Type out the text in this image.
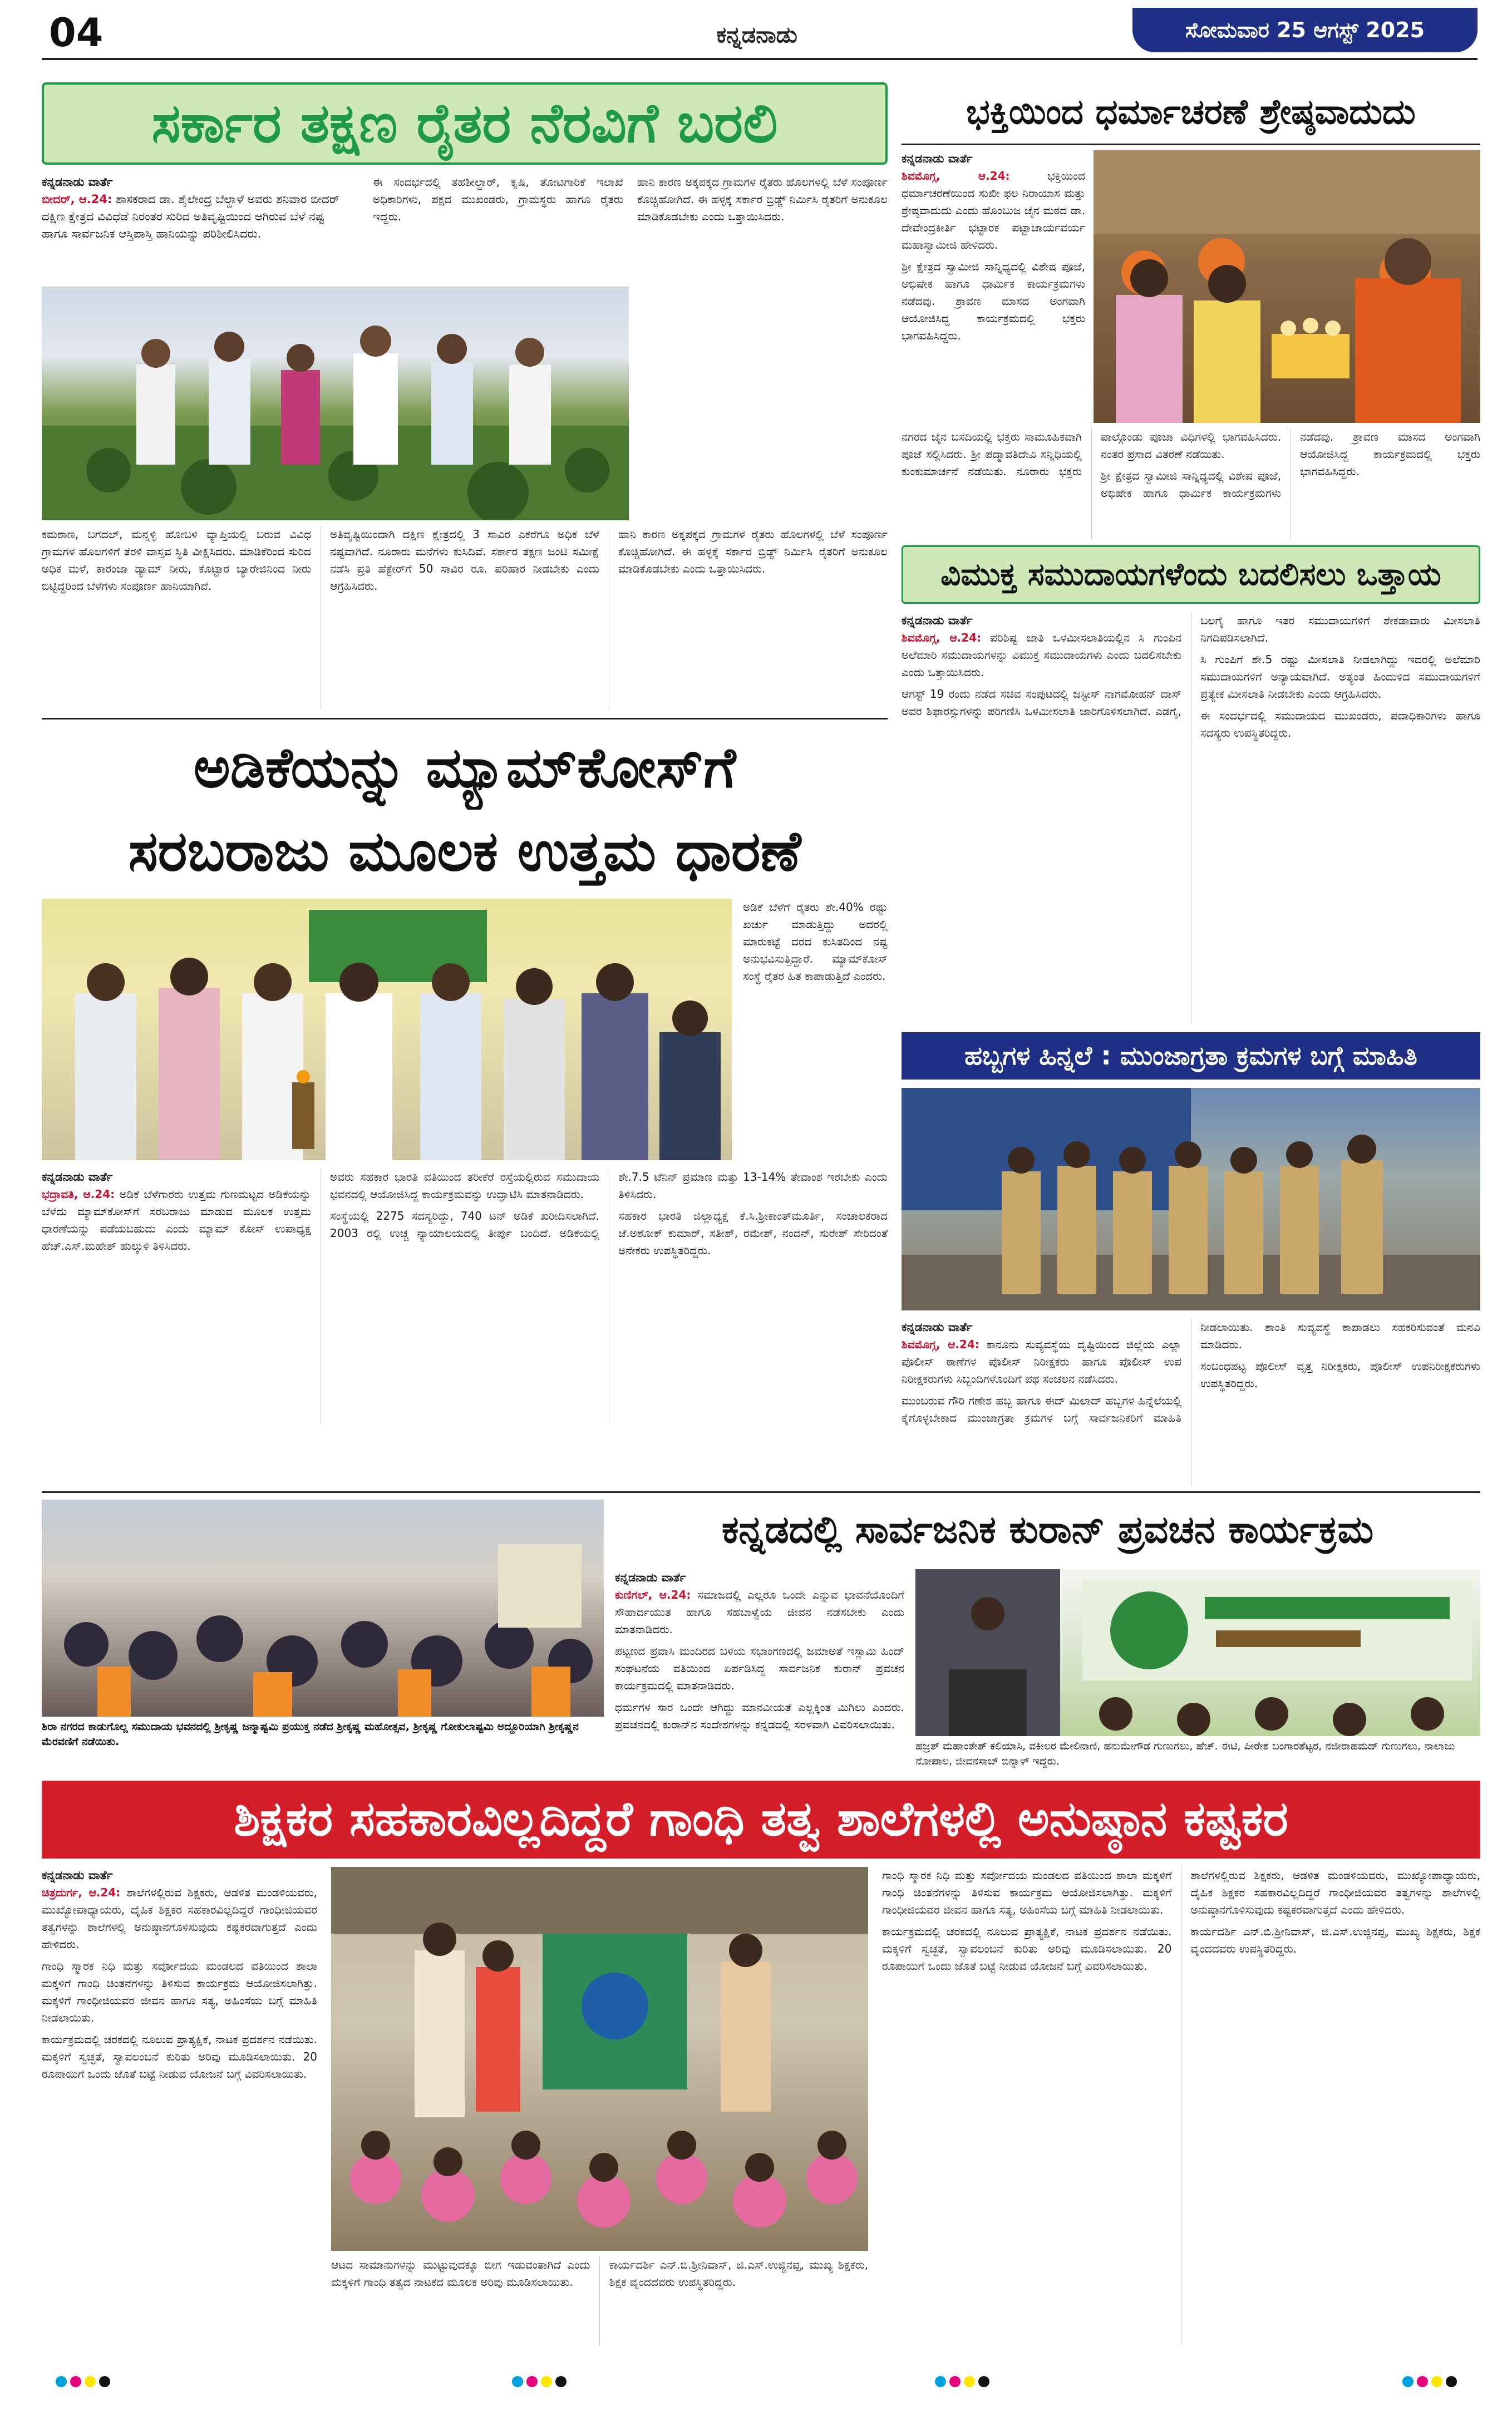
04	ಕನ್ನಡನಾಡು	ಸೋಮವಾರ 25 ಆಗಸ್ಟ್ 2025
ಸರ್ಕಾರ ತಕ್ಷಣ ರೈತರ ನೆರವಿಗೆ ಬರಲಿ
ಕನ್ನಡನಾಡು ವಾರ್ತೆ
ಬೀದರ್, ಆ.24: ಶಾಸಕರಾದ ಡಾ. ಶೈಲೇಂದ್ರ ಬೆಲ್ದಾಳೆ ಅವರು ಶನಿವಾರ ಬೀದರ್ ದಕ್ಷಿಣ ಕ್ಷೇತ್ರದ ವಿವಿಧೆಡೆ ನಿರಂತರ ಸುರಿದ ಅತಿವೃಷ್ಟಿಯಿಂದ ಆಗಿರುವ ಬೆಳೆ ನಷ್ಟ ಹಾಗೂ ಸಾರ್ವಜನಿಕ ಆಸ್ತಿಪಾಸ್ತಿ ಹಾನಿಯನ್ನು ಪರಿಶೀಲಿಸಿದರು.

ಹಾನಿ ಕಾರಣ ಅಕ್ಕಪಕ್ಕದ ಗ್ರಾಮಗಳ ರೈತರು ಹೊಲಗಳಲ್ಲಿ ಬೆಳೆ ಸಂಪೂರ್ಣ ಕೊಚ್ಚಿಹೋಗಿದೆ. ಈ ಹಳ್ಳಕ್ಕೆ ಸರ್ಕಾರ ಬ್ರಿಡ್ಜ್ ನಿರ್ಮಿಸಿ ರೈತರಿಗೆ ಅನುಕೂಲ ಮಾಡಿಕೊಡಬೇಕು ಎಂದು ಒತ್ತಾಯಿಸಿದರು.

ಈ ಸಂದರ್ಭದಲ್ಲಿ ತಹಶೀಲ್ದಾರ್, ಕೃಷಿ, ತೋಟಗಾರಿಕೆ ಇಲಾಖೆ ಅಧಿಕಾರಿಗಳು, ಪಕ್ಷದ ಮುಖಂಡರು, ಗ್ರಾಮಸ್ಥರು ಹಾಗೂ ರೈತರು ಇದ್ದರು.

ಕಮಠಾಣ, ಬಗದಲ್, ಮನ್ನಳ್ಳಿ ಹೋಬಳಿ ವ್ಯಾಪ್ತಿಯಲ್ಲಿ ಬರುವ ವಿವಿಧ ಗ್ರಾಮಗಳ ಹೊಲಗಳಿಗೆ ತೆರಳಿ ವಾಸ್ತವ ಸ್ಥಿತಿ ವೀಕ್ಷಿಸಿದರು. ಮಾಡಿಕೆರಿಂದ ಸುರಿದ ಅಧಿಕ ಮಳೆ, ಕಾರಂಜಾ ಡ್ಯಾಮ್ ನೀರು, ಕೊಟ್ಟಾರ ಬ್ಯಾರೇಜಿನಿಂದ ನೀರು ಬಿಟ್ಟಿದ್ದರಿಂದ ಬೆಳೆಗಳು ಸಂಪೂರ್ಣ ಹಾನಿಯಾಗಿವೆ.

ಅತಿವೃಷ್ಟಿಯಿಂದಾಗಿ ದಕ್ಷಿಣ ಕ್ಷೇತ್ರದಲ್ಲಿ 3 ಸಾವಿರ ಎಕರೆಗೂ ಅಧಿಕ ಬೆಳೆ ನಷ್ಟವಾಗಿದೆ. ನೂರಾರು ಮನೆಗಳು ಕುಸಿದಿವೆ. ಸರ್ಕಾರ ತಕ್ಷಣ ಜಂಟಿ ಸಮೀಕ್ಷೆ ನಡೆಸಿ ಪ್ರತಿ ಹೆಕ್ಟೇರ್‌ಗೆ 50 ಸಾವಿರ ರೂ. ಪರಿಹಾರ ನೀಡಬೇಕು ಎಂದು ಆಗ್ರಹಿಸಿದರು.

ಹಾನಿ ಕಾರಣ ಅಕ್ಕಪಕ್ಕದ ಗ್ರಾಮಗಳ ರೈತರು ಹೊಲಗಳಲ್ಲಿ ಬೆಳೆ ಸಂಪೂರ್ಣ ಕೊಚ್ಚಿಹೋಗಿದೆ. ಈ ಹಳ್ಳಕ್ಕೆ ಸರ್ಕಾರ ಬ್ರಿಡ್ಜ್ ನಿರ್ಮಿಸಿ ರೈತರಿಗೆ ಅನುಕೂಲ ಮಾಡಿಕೊಡಬೇಕು ಎಂದು ಒತ್ತಾಯಿಸಿದರು.

ಭಕ್ತಿಯಿಂದ ಧರ್ಮಾಚರಣೆ ಶ್ರೇಷ್ಠವಾದುದು
ಕನ್ನಡನಾಡು ವಾರ್ತೆ

ಶಿವಮೊಗ್ಗ, ಆ.24:	ಭಕ್ತಿಯಿಂದ ಧರ್ಮಾಚರಣೆಯಿಂದ ಸುಖೀ ಫಲ ನಿರಾಯಾಸ ಮತ್ತು ಶ್ರೇಷ್ಠವಾದುದು ಎಂದು ಹೊಂಬುಜ ಜೈನ ಮಠದ ಡಾ. ದೇವೇಂದ್ರಕೀರ್ತಿ ಭಟ್ಟಾರಕ ಪಟ್ಟಾಚಾರ್ಯವರ್ಯ ಮಹಾಸ್ವಾಮೀಜಿ ಹೇಳಿದರು.

ಶ್ರೀ ಕ್ಷೇತ್ರದ ಸ್ವಾಮೀಜಿ ಸಾನ್ನಿಧ್ಯದಲ್ಲಿ ವಿಶೇಷ ಪೂಜೆ, ಅಭಿಷೇಕ ಹಾಗೂ ಧಾರ್ಮಿಕ ಕಾರ್ಯಕ್ರಮಗಳು ನಡೆದವು. ಶ್ರಾವಣ ಮಾಸದ ಅಂಗವಾಗಿ ಆಯೋಜಿಸಿದ್ದ ಕಾರ್ಯಕ್ರಮದಲ್ಲಿ ಭಕ್ತರು ಭಾಗವಹಿಸಿದ್ದರು.

ನಗರದ ಜೈನ ಬಸದಿಯಲ್ಲಿ ಭಕ್ತರು ಸಾಮೂಹಿಕವಾಗಿ ಪೂಜೆ ಸಲ್ಲಿಸಿದರು. ಶ್ರೀ ಪದ್ಮಾವತಿದೇವಿ ಸನ್ನಿಧಿಯಲ್ಲಿ ಕುಂಕುಮಾರ್ಚನೆ ನಡೆಯಿತು. ನೂರಾರು ಭಕ್ತರು ಪಾಲ್ಗೊಂಡು ಪೂಜಾ ವಿಧಿಗಳಲ್ಲಿ ಭಾಗವಹಿಸಿದರು. ನಂತರ ಪ್ರಸಾದ ವಿತರಣೆ ನಡೆಯಿತು.

ಶ್ರೀ ಕ್ಷೇತ್ರದ ಸ್ವಾಮೀಜಿ ಸಾನ್ನಿಧ್ಯದಲ್ಲಿ ವಿಶೇಷ ಪೂಜೆ, ಅಭಿಷೇಕ ಹಾಗೂ ಧಾರ್ಮಿಕ ಕಾರ್ಯಕ್ರಮಗಳು ನಡೆದವು. ಶ್ರಾವಣ ಮಾಸದ ಅಂಗವಾಗಿ ಆಯೋಜಿಸಿದ್ದ ಕಾರ್ಯಕ್ರಮದಲ್ಲಿ ಭಕ್ತರು ಭಾಗವಹಿಸಿದ್ದರು.

ವಿಮುಕ್ತ ಸಮುದಾಯಗಳೆಂದು ಬದಲಿಸಲು ಒತ್ತಾಯ
ಕನ್ನಡನಾಡು ವಾರ್ತೆ

ಶಿವಮೊಗ್ಗ, ಆ.24: ಪರಿಶಿಷ್ಟ ಜಾತಿ ಒಳಮೀಸಲಾತಿಯಲ್ಲಿನ ಸಿ ಗುಂಪಿನ ಅಲೆಮಾರಿ ಸಮುದಾಯಗಳನ್ನು ವಿಮುಕ್ತ ಸಮುದಾಯಗಳು ಎಂದು ಬದಲಿಸಬೇಕು ಎಂದು ಒತ್ತಾಯಿಸಿದರು.

ಆಗಸ್ಟ್ 19 ರಂದು ನಡೆದ ಸಚಿವ ಸಂಪುಟದಲ್ಲಿ ಜಸ್ಟೀಸ್ ನಾಗಮೋಹನ್ ದಾಸ್ ಅವರ ಶಿಫಾರಸ್ಸುಗಳನ್ನು ಪರಿಗಣಿಸಿ ಒಳಮೀಸಲಾತಿ ಜಾರಿಗೊಳಿಸಲಾಗಿದೆ. ಎಡಗೈ, ಬಲಗೈ ಹಾಗೂ ಇತರ ಸಮುದಾಯಗಳಿಗೆ ಶೇಕಡಾವಾರು ಮೀಸಲಾತಿ ನಿಗದಿಪಡಿಸಲಾಗಿದೆ.

ಸಿ ಗುಂಪಿಗೆ ಶೇ.5 ರಷ್ಟು ಮೀಸಲಾತಿ ನೀಡಲಾಗಿದ್ದು ಇದರಲ್ಲಿ ಅಲೆಮಾರಿ ಸಮುದಾಯಗಳಿಗೆ ಅನ್ಯಾಯವಾಗಿದೆ. ಅತ್ಯಂತ ಹಿಂದುಳಿದ ಸಮುದಾಯಗಳಿಗೆ ಪ್ರತ್ಯೇಕ ಮೀಸಲಾತಿ ನೀಡಬೇಕು ಎಂದು ಆಗ್ರಹಿಸಿದರು.

ಈ ಸಂದರ್ಭದಲ್ಲಿ ಸಮುದಾಯದ ಮುಖಂಡರು, ಪದಾಧಿಕಾರಿಗಳು ಹಾಗೂ ಸದಸ್ಯರು ಉಪಸ್ಥಿತರಿದ್ದರು.

ಅಡಿಕೆಯನ್ನು ಮ್ಯಾಮ್‌ಕೋಸ್‌ಗೆ
ಸರಬರಾಜು ಮೂಲಕ ಉತ್ತಮ ಧಾರಣೆ

ಅಡಿಕೆ ಬೆಳೆಗೆ ರೈತರು ಶೇ.40% ರಷ್ಟು ಖರ್ಚು ಮಾಡುತ್ತಿದ್ದು ಅದರಲ್ಲಿ ಮಾರುಕಟ್ಟೆ ದರದ ಕುಸಿತದಿಂದ ನಷ್ಟ ಅನುಭವಿಸುತ್ತಿದ್ದಾರೆ. ಮ್ಯಾಮ್‌ಕೋಸ್ ಸಂಸ್ಥೆ ರೈತರ ಹಿತ ಕಾಪಾಡುತ್ತಿದೆ ಎಂದರು.

ಕನ್ನಡನಾಡು ವಾರ್ತೆ

ಭದ್ರಾವತಿ, ಆ.24: ಅಡಿಕೆ ಬೆಳೆಗಾರರು ಉತ್ತಮ ಗುಣಮಟ್ಟದ ಅಡಿಕೆಯನ್ನು ಬೆಳೆದು ಮ್ಯಾಮ್‌ಕೋಸ್‌ಗೆ ಸರಬರಾಜು ಮಾಡುವ ಮೂಲಕ ಉತ್ತಮ ಧಾರಣೆಯನ್ನು ಪಡೆಯಬಹುದು ಎಂದು ಮ್ಯಾಮ್ ಕೋಸ್ ಉಪಾಧ್ಯಕ್ಷ ಹೆಚ್.ಎಸ್.ಮಹೇಶ್ ಹುಲ್ಕುಳಿ ತಿಳಿಸಿದರು.

ಅವರು ಸಹಕಾರ ಭಾರತಿ ವತಿಯಿಂದ ತರೀಕೆರೆ ರಸ್ತೆಯಲ್ಲಿರುವ ಸಮುದಾಯ ಭವನದಲ್ಲಿ ಆಯೋಜಿಸಿದ್ದ ಕಾರ್ಯಕ್ರಮವನ್ನು ಉದ್ಘಾಟಿಸಿ ಮಾತನಾಡಿದರು.

ಸಂಸ್ಥೆಯಲ್ಲಿ 2275 ಸದಸ್ಯರಿದ್ದು, 740 ಟನ್ ಅಡಿಕೆ ಖರೀದಿಸಲಾಗಿದೆ. 2003 ರಲ್ಲಿ ಉಚ್ಚ ನ್ಯಾಯಾಲಯದಲ್ಲಿ ತೀರ್ಪು ಬಂದಿದೆ. ಅಡಿಕೆಯಲ್ಲಿ ಶೇ.7.5 ಟೆನಿನ್ ಪ್ರಮಾಣ ಮತ್ತು 13-14% ತೇವಾಂಶ ಇರಬೇಕು ಎಂದು ತಿಳಿಸಿದರು.

ಸಹಕಾರ ಭಾರತಿ ಜಿಲ್ಲಾಧ್ಯಕ್ಷ ಕೆ.ಸಿ.ಶ್ರೀಕಾಂತ್‌ಮೂರ್ತಿ, ಸಂಚಾಲಕರಾದ ಜೆ.ಅಶೋಕ್ ಕುಮಾರ್, ಸತೀಶ್, ರಮೇಶ್, ನಂದನ್, ಸುರೇಶ್ ಸೇರಿದಂತೆ ಅನೇಕರು ಉಪಸ್ಥಿತರಿದ್ದರು.

ಹಬ್ಬಗಳ ಹಿನ್ನಲೆ : ಮುಂಜಾಗ್ರತಾ ಕ್ರಮಗಳ ಬಗ್ಗೆ ಮಾಹಿತಿ
ಕನ್ನಡನಾಡು ವಾರ್ತೆ

ಶಿವಮೊಗ್ಗ, ಆ.24: ಕಾನೂನು ಸುವ್ಯವಸ್ಥೆಯ ದೃಷ್ಟಿಯಿಂದ ಜಿಲ್ಲೆಯ ಎಲ್ಲಾ ಪೊಲೀಸ್ ಠಾಣೆಗಳ ಪೊಲೀಸ್ ನಿರೀಕ್ಷಕರು ಹಾಗೂ ಪೊಲೀಸ್ ಉಪ ನಿರೀಕ್ಷಕರುಗಳು ಸಿಬ್ಬಂದಿಗಳೊಂದಿಗೆ ಪಥ ಸಂಚಲನ ನಡೆಸಿದರು.

ಮುಂಬರುವ ಗೌರಿ ಗಣೇಶ ಹಬ್ಬ ಹಾಗೂ ಈದ್ ಮಿಲಾದ್ ಹಬ್ಬಗಳ ಹಿನ್ನೆಲೆಯಲ್ಲಿ ಕೈಗೊಳ್ಳಬೇಕಾದ ಮುಂಜಾಗ್ರತಾ ಕ್ರಮಗಳ ಬಗ್ಗೆ ಸಾರ್ವಜನಿಕರಿಗೆ ಮಾಹಿತಿ ನೀಡಲಾಯಿತು. ಶಾಂತಿ ಸುವ್ಯವಸ್ಥೆ ಕಾಪಾಡಲು ಸಹಕರಿಸುವಂತೆ ಮನವಿ ಮಾಡಿದರು.

ಸಂಬಂಧಪಟ್ಟ ಪೊಲೀಸ್ ವೃತ್ತ ನಿರೀಕ್ಷಕರು, ಪೊಲೀಸ್ ಉಪನಿರೀಕ್ಷಕರುಗಳು ಉಪಸ್ಥಿತರಿದ್ದರು.

ಶಿರಾ ನಗರದ ಕಾಡುಗೊಲ್ಲ ಸಮುದಾಯ ಭವನದಲ್ಲಿ ಶ್ರೀಕೃಷ್ಣ ಜನ್ಮಾಷ್ಟಮಿ ಪ್ರಯುಕ್ತ ನಡೆದ ಶ್ರೀಕೃಷ್ಣ ಮಹೋತ್ಸವ, ಶ್ರೀಕೃಷ್ಣ ಗೋಕುಲಾಷ್ಟಮಿ ಅದ್ದೂರಿಯಾಗಿ ಶ್ರೀಕೃಷ್ಣನ ಮೆರವಣಿಗೆ ನಡೆಯಿತು.
ಕನ್ನಡದಲ್ಲಿ ಸಾರ್ವಜನಿಕ ಕುರಾನ್ ಪ್ರವಚನ ಕಾರ್ಯಕ್ರಮ
ಕನ್ನಡನಾಡು ವಾರ್ತೆ

ಕುಣಿಗಲ್, ಆ.24: ಸಮಾಜದಲ್ಲಿ ಎಲ್ಲರೂ ಒಂದೇ ಎನ್ನುವ ಭಾವನೆಯೊಂದಿಗೆ ಸೌಹಾರ್ದಯುತ ಹಾಗೂ ಸಹಬಾಳ್ವೆಯ ಜೀವನ ನಡೆಸಬೇಕು ಎಂದು ಮಾತನಾಡಿದರು.

ಪಟ್ಟಣದ ಪ್ರವಾಸಿ ಮಂದಿರದ ಬಳಿಯ ಸಭಾಂಗಣದಲ್ಲಿ ಜಮಾಅತೆ ಇಸ್ಲಾಮಿ ಹಿಂದ್ ಸಂಘಟನೆಯ ವತಿಯಿಂದ ಏರ್ಪಡಿಸಿದ್ದ ಸಾರ್ವಜನಿಕ ಕುರಾನ್ ಪ್ರವಚನ ಕಾರ್ಯಕ್ರಮದಲ್ಲಿ ಮಾತನಾಡಿದರು.

ಧರ್ಮಗಳ ಸಾರ ಒಂದೇ ಆಗಿದ್ದು ಮಾನವೀಯತೆ ಎಲ್ಲಕ್ಕಿಂತ ಮಿಗಿಲು ಎಂದರು. ಪ್ರವಚನದಲ್ಲಿ ಕುರಾನ್‌ನ ಸಂದೇಶಗಳನ್ನು ಕನ್ನಡದಲ್ಲಿ ಸರಳವಾಗಿ ವಿವರಿಸಲಾಯಿತು.

ಹಜ್ರತ್ ಮಹಾಂತೇಶ್ ಕಲಿಯಾಸಿ, ವಕೀಲರ ಮೇಲಿನಾಣಿ, ಹನುಮೇಗೌಡ ಗುಣುಗಲು, ಹೆಚ್. ಈಟಿ, ಪೀರೇಶ ಬಂಗಾರಶೆಟ್ಟರ, ನಜೀರಾಹಮದ್ ಗುಣುಗಲು, ನಾಲಾಜು ನೋಪಾಲ, ಜೀವನಸಾಬ್ ಬಿನ್ನಾಳ್ ಇದ್ದರು.
ಶಿಕ್ಷಕರ ಸಹಕಾರವಿಲ್ಲದಿದ್ದರೆ ಗಾಂಧಿ ತತ್ವ ಶಾಲೆಗಳಲ್ಲಿ ಅನುಷ್ಠಾನ ಕಷ್ಟಕರ
ಕನ್ನಡನಾಡು ವಾರ್ತೆ

ಚಿತ್ರದುರ್ಗ, ಆ.24: ಶಾಲೆಗಳಲ್ಲಿರುವ ಶಿಕ್ಷಕರು, ಆಡಳಿತ ಮಂಡಳಿಯವರು, ಮುಖ್ಯೋಪಾಧ್ಯಾಯರು, ದೈಹಿಕ ಶಿಕ್ಷಕರ ಸಹಕಾರವಿಲ್ಲದಿದ್ದರೆ ಗಾಂಧೀಜಿಯವರ ತತ್ವಗಳನ್ನು ಶಾಲೆಗಳಲ್ಲಿ ಅನುಷ್ಠಾನಗೊಳಿಸುವುದು ಕಷ್ಟಕರವಾಗುತ್ತದೆ ಎಂದು ಹೇಳಿದರು.

ಗಾಂಧಿ ಸ್ಮಾರಕ ನಿಧಿ ಮತ್ತು ಸರ್ವೋದಯ ಮಂಡಲದ ವತಿಯಿಂದ ಶಾಲಾ ಮಕ್ಕಳಿಗೆ ಗಾಂಧಿ ಚಿಂತನೆಗಳನ್ನು ತಿಳಿಸುವ ಕಾರ್ಯಕ್ರಮ ಆಯೋಜಿಸಲಾಗಿತ್ತು. ಮಕ್ಕಳಿಗೆ ಗಾಂಧೀಜಿಯವರ ಜೀವನ ಹಾಗೂ ಸತ್ಯ, ಅಹಿಂಸೆಯ ಬಗ್ಗೆ ಮಾಹಿತಿ ನೀಡಲಾಯಿತು.

ಕಾರ್ಯಕ್ರಮದಲ್ಲಿ ಚರಕದಲ್ಲಿ ನೂಲುವ ಪ್ರಾತ್ಯಕ್ಷಿಕೆ, ನಾಟಕ ಪ್ರದರ್ಶನ ನಡೆಯಿತು. ಮಕ್ಕಳಿಗೆ ಸ್ವಚ್ಛತೆ, ಸ್ವಾವಲಂಬನೆ ಕುರಿತು ಅರಿವು ಮೂಡಿಸಲಾಯಿತು. 20 ರೂಪಾಯಿಗೆ ಒಂದು ಜೊತೆ ಬಟ್ಟೆ ನೀಡುವ ಯೋಜನೆ ಬಗ್ಗೆ ವಿವರಿಸಲಾಯಿತು.

ಆಟದ ಸಾಮಾನುಗಳನ್ನು ಮುಟ್ಟುವುದಕ್ಕೂ ಬೀಗ ಇಡುವಂತಾಗಿದೆ ಎಂದು ಮಕ್ಕಳಿಗೆ ಗಾಂಧಿ ತತ್ವದ ನಾಟಕದ ಮೂಲಕ ಅರಿವು ಮೂಡಿಸಲಾಯಿತು.

ಕಾರ್ಯದರ್ಶಿ ಎನ್.ಬಿ.ಶ್ರೀನಿವಾಸ್, ಜಿ.ಎಸ್.ಉಜ್ಜಿನಪ್ಪ, ಮುಖ್ಯ ಶಿಕ್ಷಕರು, ಶಿಕ್ಷಕ ವೃಂದದವರು ಉಪಸ್ಥಿತರಿದ್ದರು.

ಗಾಂಧಿ ಸ್ಮಾರಕ ನಿಧಿ ಮತ್ತು ಸರ್ವೋದಯ ಮಂಡಲದ ವತಿಯಿಂದ ಶಾಲಾ ಮಕ್ಕಳಿಗೆ ಗಾಂಧಿ ಚಿಂತನೆಗಳನ್ನು ತಿಳಿಸುವ ಕಾರ್ಯಕ್ರಮ ಆಯೋಜಿಸಲಾಗಿತ್ತು. ಮಕ್ಕಳಿಗೆ ಗಾಂಧೀಜಿಯವರ ಜೀವನ ಹಾಗೂ ಸತ್ಯ, ಅಹಿಂಸೆಯ ಬಗ್ಗೆ ಮಾಹಿತಿ ನೀಡಲಾಯಿತು.

ಕಾರ್ಯಕ್ರಮದಲ್ಲಿ ಚರಕದಲ್ಲಿ ನೂಲುವ ಪ್ರಾತ್ಯಕ್ಷಿಕೆ, ನಾಟಕ ಪ್ರದರ್ಶನ ನಡೆಯಿತು. ಮಕ್ಕಳಿಗೆ ಸ್ವಚ್ಛತೆ, ಸ್ವಾವಲಂಬನೆ ಕುರಿತು ಅರಿವು ಮೂಡಿಸಲಾಯಿತು. 20 ರೂಪಾಯಿಗೆ ಒಂದು ಜೊತೆ ಬಟ್ಟೆ ನೀಡುವ ಯೋಜನೆ ಬಗ್ಗೆ ವಿವರಿಸಲಾಯಿತು.

ಶಾಲೆಗಳಲ್ಲಿರುವ ಶಿಕ್ಷಕರು, ಆಡಳಿತ ಮಂಡಳಿಯವರು, ಮುಖ್ಯೋಪಾಧ್ಯಾಯರು, ದೈಹಿಕ ಶಿಕ್ಷಕರ ಸಹಕಾರವಿಲ್ಲದಿದ್ದರೆ ಗಾಂಧೀಜಿಯವರ ತತ್ವಗಳನ್ನು ಶಾಲೆಗಳಲ್ಲಿ ಅನುಷ್ಠಾನಗೊಳಿಸುವುದು ಕಷ್ಟಕರವಾಗುತ್ತದೆ ಎಂದು ಹೇಳಿದರು.

ಕಾರ್ಯದರ್ಶಿ ಎನ್.ಬಿ.ಶ್ರೀನಿವಾಸ್, ಜಿ.ಎಸ್.ಉಜ್ಜಿನಪ್ಪ, ಮುಖ್ಯ ಶಿಕ್ಷಕರು, ಶಿಕ್ಷಕ ವೃಂದದವರು ಉಪಸ್ಥಿತರಿದ್ದರು.
